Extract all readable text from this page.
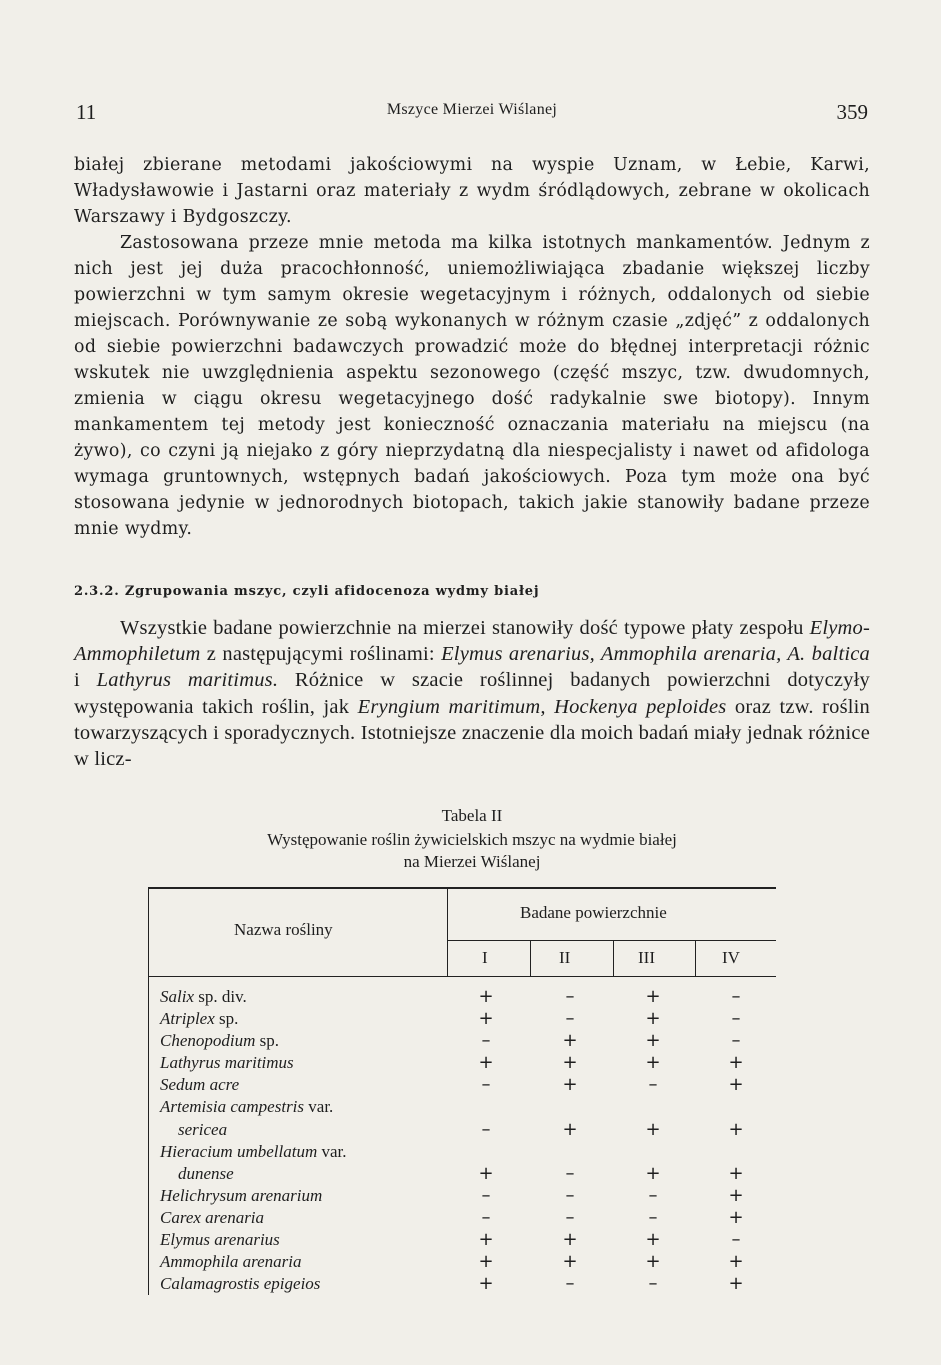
11	Mszyce Mierzei Wiślanej	359

białej zbierane metodami jakościowymi na wyspie Uznam, w Łebie, Karwi, Władysławowie i Jastarni oraz materiały z wydm śródlądowych, zebrane w okolicach Warszawy i Bydgoszczy.

Zastosowana przeze mnie metoda ma kilka istotnych mankamentów. Jednym z nich jest jej duża pracochłonność, uniemożliwiająca zbadanie większej liczby powierzchni w tym samym okresie wegetacyjnym i różnych, oddalonych od siebie miejscach. Porównywanie ze sobą wykonanych w różnym czasie „zdjęć” z oddalonych od siebie powierzchni badawczych prowadzić może do błędnej interpretacji różnic wskutek nie uwzględnienia aspektu sezonowego (część mszyc, tzw. dwudomnych, zmienia w ciągu okresu wegetacyjnego dość radykalnie swe biotopy). Innym mankamentem tej metody jest konieczność oznaczania materiału na miejscu (na żywo), co czyni ją niejako z góry nieprzydatną dla niespecjalisty i nawet od afidologa wymaga gruntownych, wstępnych badań jakościowych. Poza tym może ona być stosowana jedynie w jednorodnych biotopach, takich jakie stanowiły badane przeze mnie wydmy.

2.3.2. Zgrupowania mszyc, czyli afidocenoza wydmy białej
Wszystkie badane powierzchnie na mierzei stanowiły dość typowe płaty zespołu Elymo-Ammophiletum z następującymi roślinami: Elymus arenarius, Ammophila arenaria, A. baltica i Lathyrus maritimus. Różnice w szacie roślinnej badanych powierzchni dotyczyły występowania takich roślin, jak Eryngium maritimum, Hockenya peploides oraz tzw. roślin towarzyszących i sporadycznych. Istotniejsze znaczenie dla moich badań miały jednak różnice w licz-
Tabela II
Występowanie roślin żywicielskich mszyc na wydmie białej
na Mierzei Wiślanej
Nazwa rośliny
Badane powierzchnie
I	II	III	IV
Salix sp. div.	+	–	+	–
Atriplex sp.	+	–	+	–
Chenopodium sp.	–	+	+	–
Lathyrus maritimus	+	+	+	+
Sedum acre	–	+	–	+
Artemisia campestris var.
sericea	–	+	+	+
Hieracium umbellatum var.
dunense	+	–	+	+
Helichrysum arenarium	–	–	–	+
Carex arenaria	–	–	–	+
Elymus arenarius	+	+	+	–
Ammophila arenaria	+	+	+	+
Calamagrostis epigeios	+	–	–	+
